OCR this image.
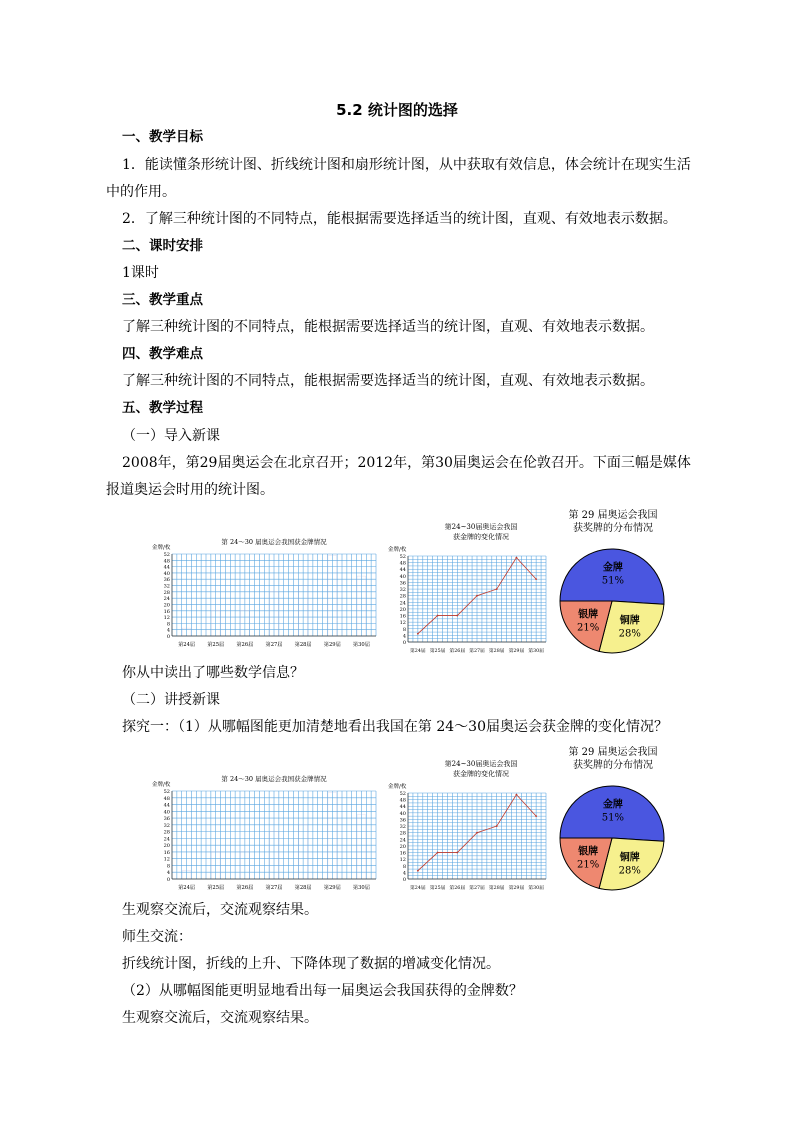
5.2 统计图的选择
一、教学目标
1．能读懂条形统计图、折线统计图和扇形统计图，从中获取有效信息，体会统计在现实生活
中的作用。
2．了解三种统计图的不同特点，能根据需要选择适当的统计图，直观、有效地表示数据。
二、课时安排
1课时
三、教学重点
了解三种统计图的不同特点，能根据需要选择适当的统计图，直观、有效地表示数据。
四、教学难点
了解三种统计图的不同特点，能根据需要选择适当的统计图，直观、有效地表示数据。
五、教学过程
（一）导入新课
2008年，第29届奥运会在北京召开；2012年，第30届奥运会在伦敦召开。下面三幅是媒体
报道奥运会时用的统计图。
第 24～30 届奥运会我国获金牌情况
金牌/枚
0
4
8
12
16
20
24
28
32
36
40
44
48
52
第24届 第25届 第26届 第27届 第28届 第29届 第30届
第24~30届奥运会我国
获金牌的变化情况
金牌/枚
0
4
8
12
16
20
24
28
32
36
40
44
48
52
第24届 第25届 第26届 第27届 第28届 第29届 第30届
第 29 届奥运会我国
获奖牌的分布情况
金牌
51%
铜牌
28%
银牌
21%
你从中读出了哪些数学信息？
（二）讲授新课
探究一：（1）从哪幅图能更加清楚地看出我国在第 24～30届奥运会获金牌的变化情况？
第 24～30 届奥运会我国获金牌情况
金牌/枚
0
4
8
12
16
20
24
28
32
36
40
44
48
52
第24届 第25届 第26届 第27届 第28届 第29届 第30届
第24~30届奥运会我国
获金牌的变化情况
金牌/枚
0
4
8
12
16
20
24
28
32
36
40
44
48
52
第24届 第25届 第26届 第27届 第28届 第29届 第30届
第 29 届奥运会我国
获奖牌的分布情况
金牌
51%
铜牌
28%
银牌
21%
生观察交流后，交流观察结果。
师生交流：
折线统计图，折线的上升、下降体现了数据的增减变化情况。
（2）从哪幅图能更明显地看出每一届奥运会我国获得的金牌数？
生观察交流后，交流观察结果。
